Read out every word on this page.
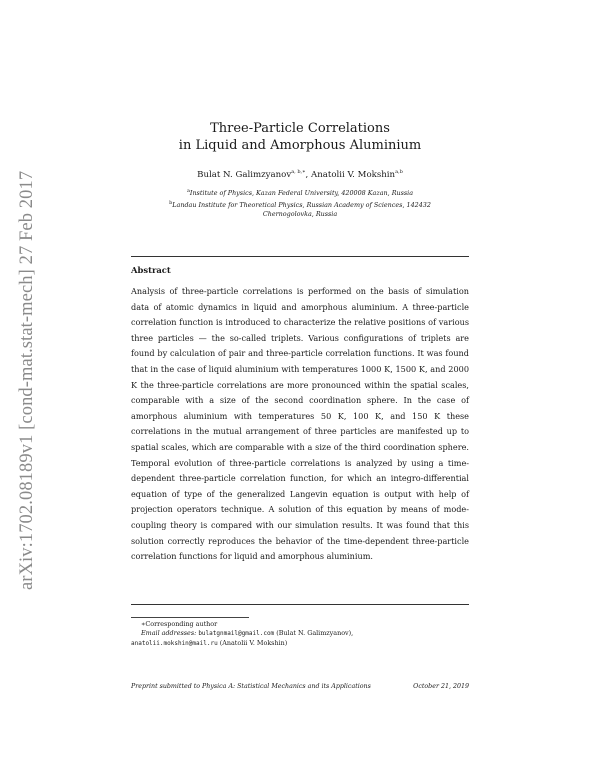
arXiv:1702.08189v1 [cond-mat.stat-mech] 27 Feb 2017
Three-Particle Correlations
in Liquid and Amorphous Aluminium
Bulat N. Galimzyanov$^{a, b,∗}$, Anatolii V. Mokshin$^{a,b}$
$^a$Institute of Physics, Kazan Federal University, 420008 Kazan, Russia
$^b$Landau Institute for Theoretical Physics, Russian Academy of Sciences, 142432
Chernogolovka, Russia
Abstract
Analysis of three-particle correlations is performed on the basis of simulation data of atomic dynamics in liquid and amorphous aluminium. A three-particle correlation function is introduced to characterize the relative positions of various three particles — the so-called triplets. Various configurations of triplets are found by calculation of pair and three-particle correlation functions. It was found that in the case of liquid aluminium with temperatures 1000 K, 1500 K, and 2000 K the three-particle correlations are more pronounced within the spatial scales, comparable with a size of the second coordination sphere. In the case of amorphous aluminium with temperatures 50 K, 100 K, and 150 K these correlations in the mutual arrangement of three particles are manifested up to spatial scales, which are comparable with a size of the third coordination sphere. Temporal evolution of three-particle correlations is analyzed by using a time-dependent three-particle correlation function, for which an integro-differential equation of type of the generalized Langevin equation is output with help of projection operators technique. A solution of this equation by means of mode-coupling theory is compared with our simulation results. It was found that this solution correctly reproduces the behavior of the time-dependent three-particle correlation functions for liquid and amorphous aluminium.
∗Corresponding author
Email addresses: bulatgnmail@gmail.com (Bulat N. Galimzyanov),
anatolii.mokshin@mail.ru (Anatolii V. Mokshin)
Preprint submitted to Physica A: Statistical Mechanics and its Applications	October 21, 2019
